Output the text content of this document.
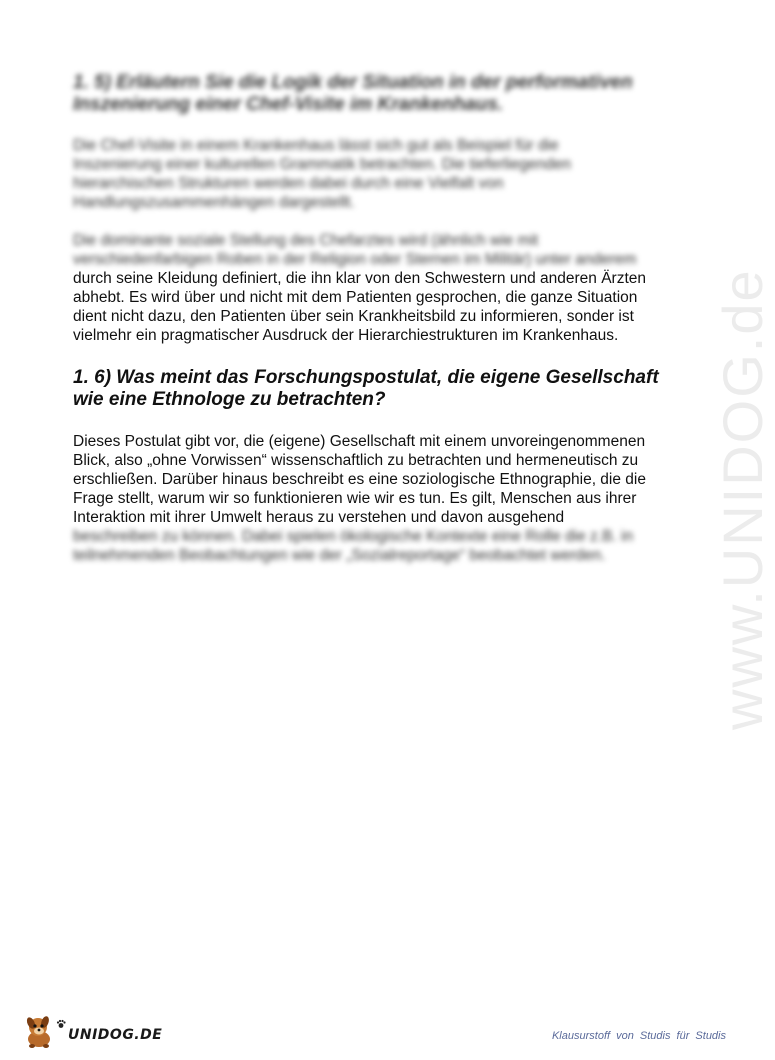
www.UNIDOG.de
1. 5) Erläutern Sie die Logik der Situation in der performativen
Inszenierung einer Chef-Visite im Krankenhaus.
Die Chef-Visite in einem Krankenhaus lässt sich gut als Beispiel für die
Inszenierung einer kulturellen Grammatik betrachten. Die tieferliegenden
hierarchischen Strukturen werden dabei durch eine Vielfalt von
Handlungszusammenhängen dargestellt.
Die dominante soziale Stellung des Chefarztes wird (ähnlich wie mit
verschiedenfarbigen Roben in der Religion oder Sternen im Militär) unter anderem
durch seine Kleidung definiert, die ihn klar von den Schwestern und anderen Ärzten
abhebt. Es wird über und nicht mit dem Patienten gesprochen, die ganze Situation
dient nicht dazu, den Patienten über sein Krankheitsbild zu informieren, sonder ist
vielmehr ein pragmatischer Ausdruck der Hierarchiestrukturen im Krankenhaus.
1. 6) Was meint das Forschungspostulat, die eigene Gesellschaft
wie eine Ethnologe zu betrachten?
Dieses Postulat gibt vor, die (eigene) Gesellschaft mit einem unvoreingenommenen
Blick, also „ohne Vorwissen“ wissenschaftlich zu betrachten und hermeneutisch zu
erschließen. Darüber hinaus beschreibt es eine soziologische Ethnographie, die die
Frage stellt, warum wir so funktionieren wie wir es tun. Es gilt, Menschen aus ihrer
Interaktion mit ihrer Umwelt heraus zu verstehen und davon ausgehend
beschreiben zu können. Dabei spielen ökologische Kontexte eine Rolle die z.B. in
teilnehmenden Beobachtungen wie der „Sozialreportage“ beobachtet werden.
UNIDOG.DE	Klausurstoff von Studis für Studis
